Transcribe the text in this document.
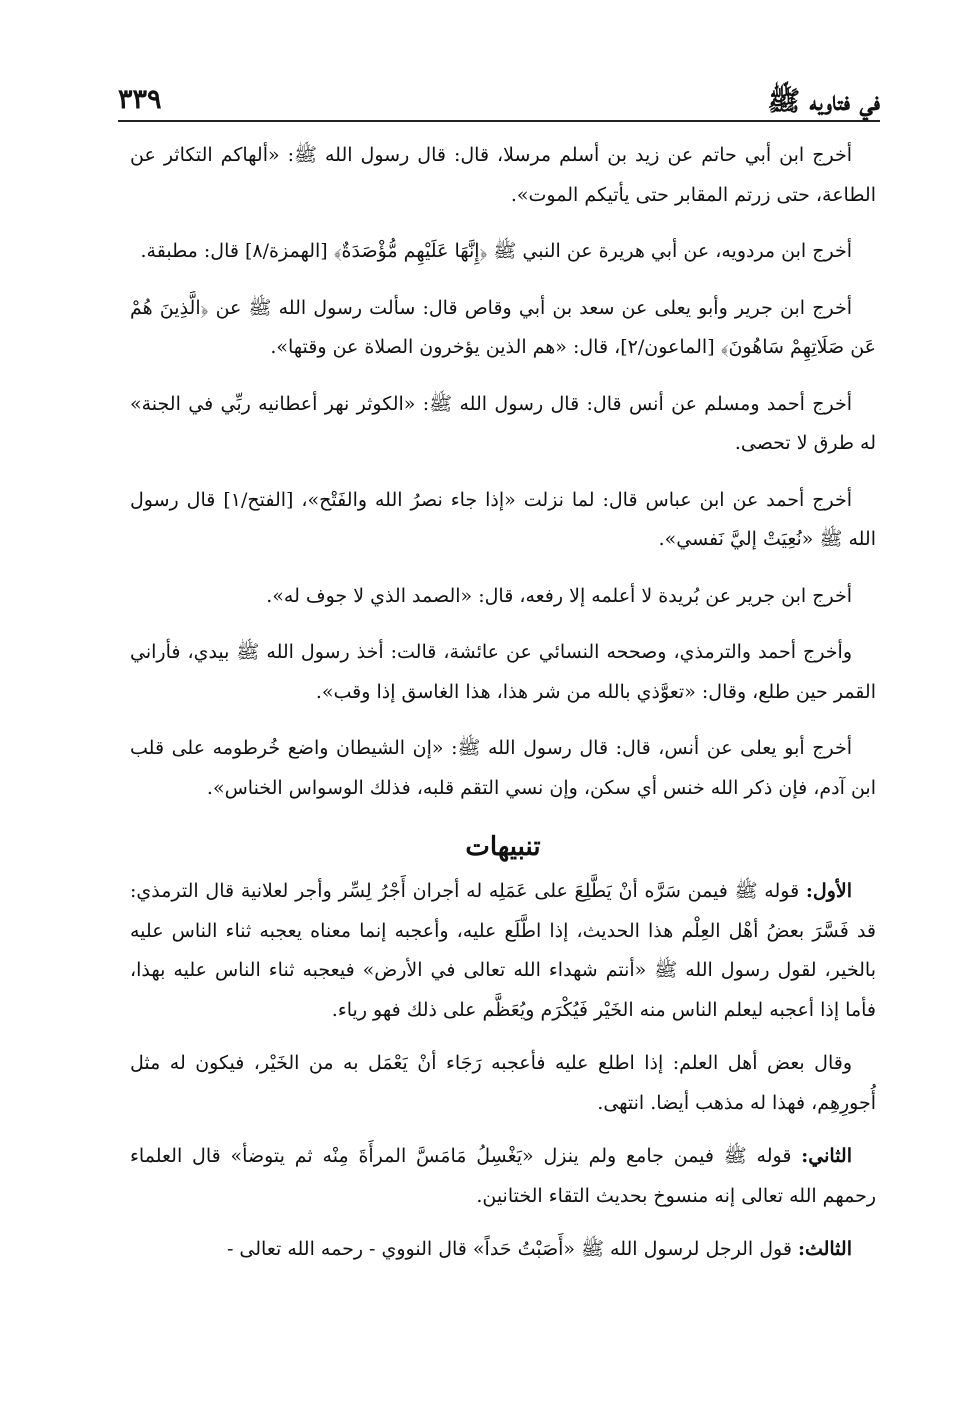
في فتاويه ﷺ
٣٣٩

أخرج ابن أبي حاتم عن زيد بن أسلم مرسلا، قال: قال رسول الله ﷺ: «ألهاكم التكاثر عن الطاعة، حتى زرتم المقابر حتى يأتيكم الموت».

أخرج ابن مردويه، عن أبي هريرة عن النبي ﷺ ﴿إِنَّهَا عَلَيْهِم مُّؤْصَدَةٌ﴾ [الهمزة/٨] قال: مطبقة.

أخرج ابن جرير وأبو يعلى عن سعد بن أبي وقاص قال: سألت رسول الله ﷺ عن ﴿الَّذِينَ هُمْ عَن صَلَاتِهِمْ سَاهُونَ﴾ [الماعون/٢]، قال: «هم الذين يؤخرون الصلاة عن وقتها».

أخرج أحمد ومسلم عن أنس قال: قال رسول الله ﷺ: «الكوثر نهر أعطانيه ربِّي في الجنة» له طرق لا تحصى.

أخرج أحمد عن ابن عباس قال: لما نزلت «إذا جاء نصرُ الله والفَتْح»، [الفتح/١] قال رسول الله ﷺ «نُعِيَتْ إليَّ نَفسي».

أخرج ابن جرير عن بُريدة لا أعلمه إلا رفعه، قال: «الصمد الذي لا جوف له».

وأخرج أحمد والترمذي، وصححه النسائي عن عائشة، قالت: أخذ رسول الله ﷺ بيدي، فأراني القمر حين طلع، وقال: «تعوَّذي بالله من شر هذا، هذا الغاسق إذا وقب».

أخرج أبو يعلى عن أنس، قال: قال رسول الله ﷺ: «إن الشيطان واضع خُرطومه على قلب ابن آدم، فإن ذكر الله خنس أي سكن، وإن نسي التقم قلبه، فذلك الوسواس الخناس».

تنبيهات

الأول: قوله ﷺ فيمن سَرَّه أنْ يَطَّلِعَ على عَمَلِه له أجران أَجْرُ لِسِّر وأجر لعلانية قال الترمذي: قد فَسَّرَ بعضُ أهْل العِلْم هذا الحديث، إذا اطَّلَع عليه، وأعجبه إنما معناه يعجبه ثناء الناس عليه بالخير، لقول رسول الله ﷺ «أنتم شهداء الله تعالى في الأرض» فيعجبه ثناء الناس عليه بهذا، فأما إذا أعجبه ليعلم الناس منه الخَيْر فَيُكْرَم ويُعَظَّم على ذلك فهو رياء.

وقال بعض أهل العلم: إذا اطلع عليه فأعجبه رَجَاء أنْ يَعْمَل به من الخَيْر، فيكون له مثل أُجورِهِم، فهذا له مذهب أيضا. انتهى.

الثاني: قوله ﷺ فيمن جامع ولم ينزل «يَغْسِلُ مَامَسَّ المرأَةَ مِنْه ثم يتوضأ» قال العلماء رحمهم الله تعالى إنه منسوخ بحديث التقاء الختانين.

الثالث: قول الرجل لرسول الله ﷺ «أَصَبْتُ حَداً» قال النووي - رحمه الله تعالى -
